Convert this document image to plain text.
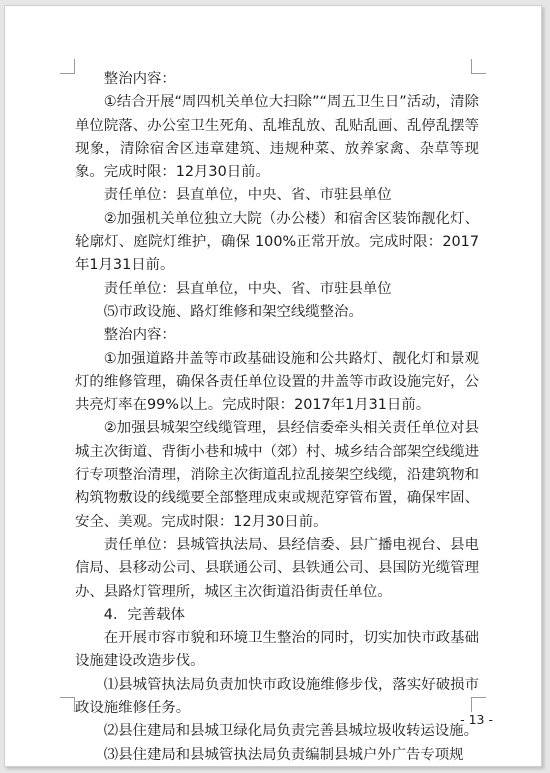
整治内容：

①结合开展“周四机关单位大扫除”“周五卫生日”活动，清除单位院落、办公室卫生死角、乱堆乱放、乱贴乱画、乱停乱摆等现象，清除宿舍区违章建筑、违规种菜、放养家禽、杂草等现象。完成时限：12月30日前。

责任单位：县直单位，中央、省、市驻县单位

②加强机关单位独立大院（办公楼）和宿舍区装饰靓化灯、轮廓灯、庭院灯维护，确保 100%正常开放。完成时限：2017年1月31日前。

责任单位：县直单位，中央、省、市驻县单位

⑸市政设施、路灯维修和架空线缆整治。

整治内容：

①加强道路井盖等市政基础设施和公共路灯、靓化灯和景观灯的维修管理，确保各责任单位设置的井盖等市政设施完好，公共亮灯率在99%以上。完成时限：2017年1月31日前。

②加强县城架空线缆管理，县经信委牵头相关责任单位对县城主次街道、背街小巷和城中（郊）村、城乡结合部架空线缆进行专项整治清理，消除主次街道乱拉乱接架空线缆，沿建筑物和构筑物敷设的线缆要全部整理成束或规范穿管布置，确保牢固、安全、美观。完成时限：12月30日前。

责任单位：县城管执法局、县经信委、县广播电视台、县电信局、县移动公司、县联通公司、县铁通公司、县国防光缆管理办、县路灯管理所，城区主次街道沿街责任单位。

4．完善载体

在开展市容市貌和环境卫生整治的同时，切实加快市政基础设施建设改造步伐。

⑴县城管执法局负责加快市政设施维修步伐，落实好破损市政设施维修任务。

⑵县住建局和县城卫绿化局负责完善县城垃圾收转运设施。

⑶县住建局和县城管执法局负责编制县城户外广告专项规

- 13 -
